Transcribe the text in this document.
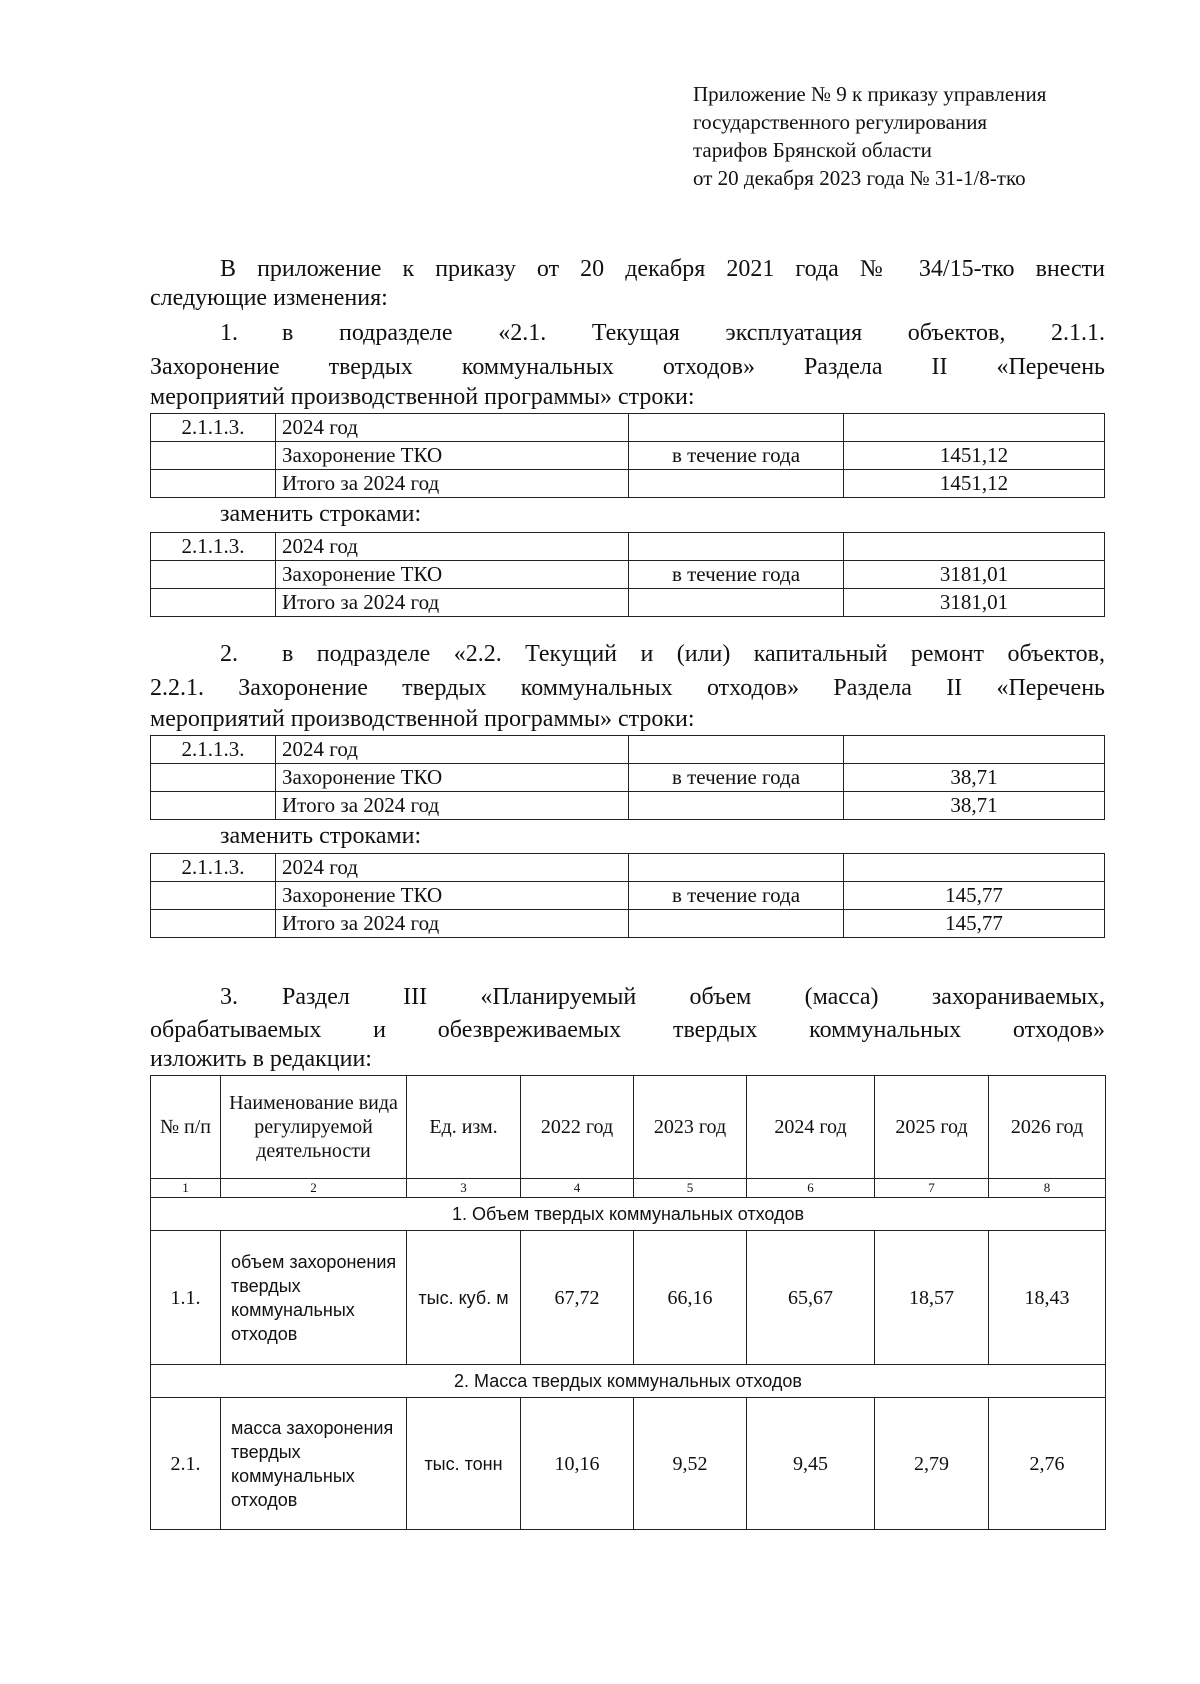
Приложение № 9 к приказу управления
государственного регулирования
тарифов Брянской области
от 20 декабря 2023 года № 31-1/8-тко
В приложение к приказу от 20 декабря 2021 года № 34/15-тко внести
следующие изменения:
1. в подразделе «2.1. Текущая эксплуатация объектов, 2.1.1.
Захоронение твердых коммунальных отходов» Раздела II «Перечень
мероприятий производственной программы» строки:
2.1.1.3.	2024 год		
	Захоронение ТКО	в течение года	1451,12
	Итого за 2024 год		1451,12
заменить строками:
2.1.1.3.	2024 год		
	Захоронение ТКО	в течение года	3181,01
	Итого за 2024 год		3181,01
2. в подразделе «2.2. Текущий и (или) капитальный ремонт объектов,
2.2.1. Захоронение твердых коммунальных отходов» Раздела II «Перечень
мероприятий производственной программы» строки:
2.1.1.3.	2024 год		
	Захоронение ТКО	в течение года	38,71
	Итого за 2024 год		38,71
заменить строками:
2.1.1.3.	2024 год		
	Захоронение ТКО	в течение года	145,77
	Итого за 2024 год		145,77
3. Раздел III «Планируемый объем (масса) захораниваемых,
обрабатываемых и обезвреживаемых твердых коммунальных отходов»
изложить в редакции:
№ п/п	Наименование вида регулируемой деятельности	Ед. изм.	2022 год	2023 год	2024 год	2025 год	2026 год
1	2	3	4	5	6	7	8
1. Объем твердых коммунальных отходов							
1.1.	объем захоронения твердых коммунальных отходов	тыс. куб. м	67,72	66,16	65,67	18,57	18,43
2. Масса твердых коммунальных отходов							
2.1.	масса захоронения твердых коммунальных отходов	тыс. тонн	10,16	9,52	9,45	2,79	2,76
